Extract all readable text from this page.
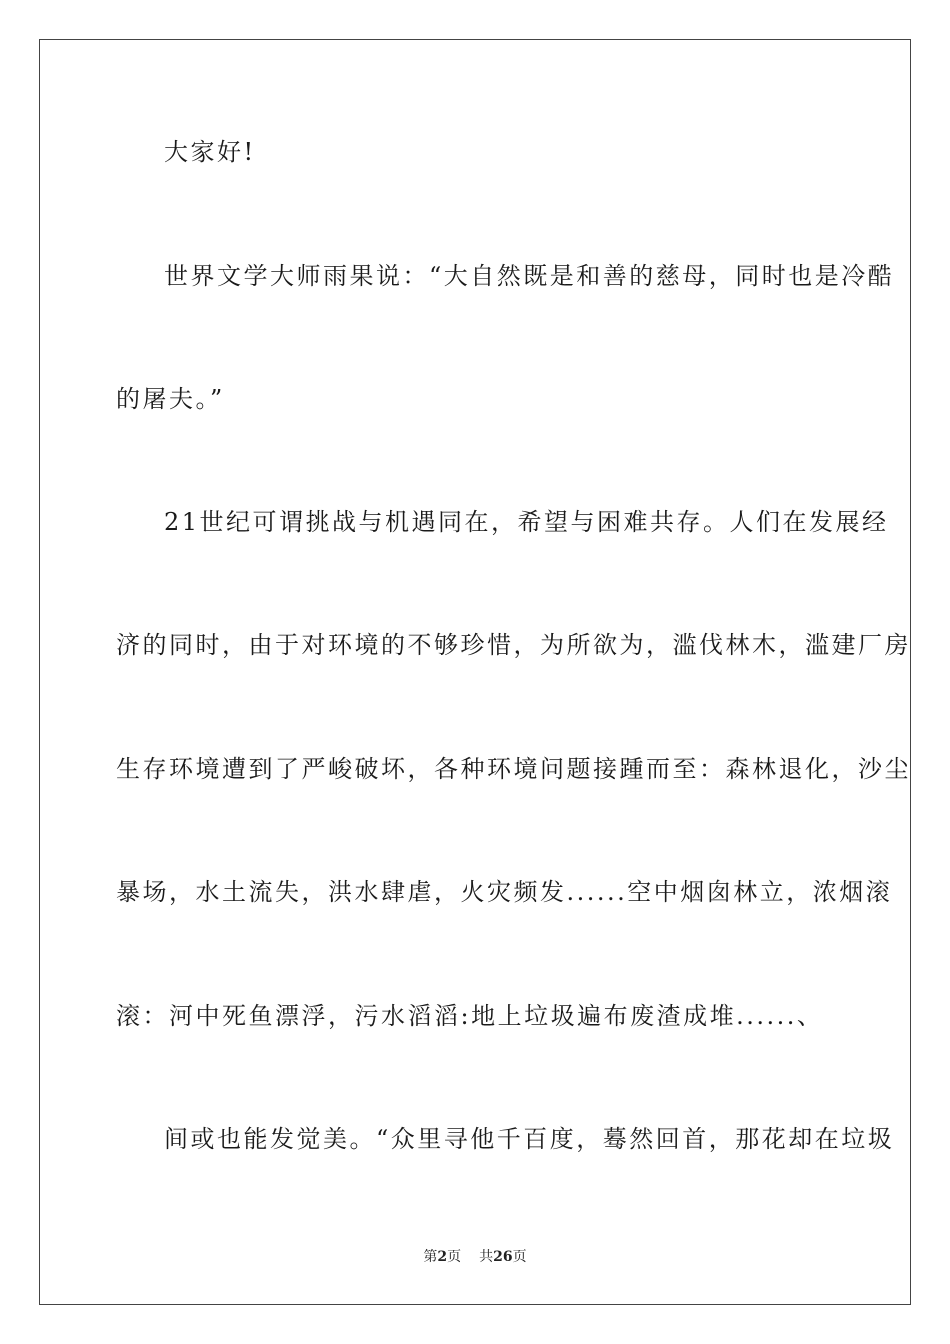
大家好!
世界文学大师雨果说：“大自然既是和善的慈母，同时也是冷酷
的屠夫。”
21世纪可谓挑战与机遇同在，希望与困难共存。人们在发展经
济的同时，由于对环境的不够珍惜，为所欲为，滥伐林木，滥建厂房
生存环境遭到了严峻破坏，各种环境问题接踵而至：森林退化，沙尘
暴场，水土流失，洪水肆虐，火灾频发......空中烟囱林立，浓烟滚
滚：河中死鱼漂浮，污水滔滔:地上垃圾遍布废渣成堆......、
间或也能发觉美。“众里寻他千百度，蓦然回首，那花却在垃圾
第2页 共26页
